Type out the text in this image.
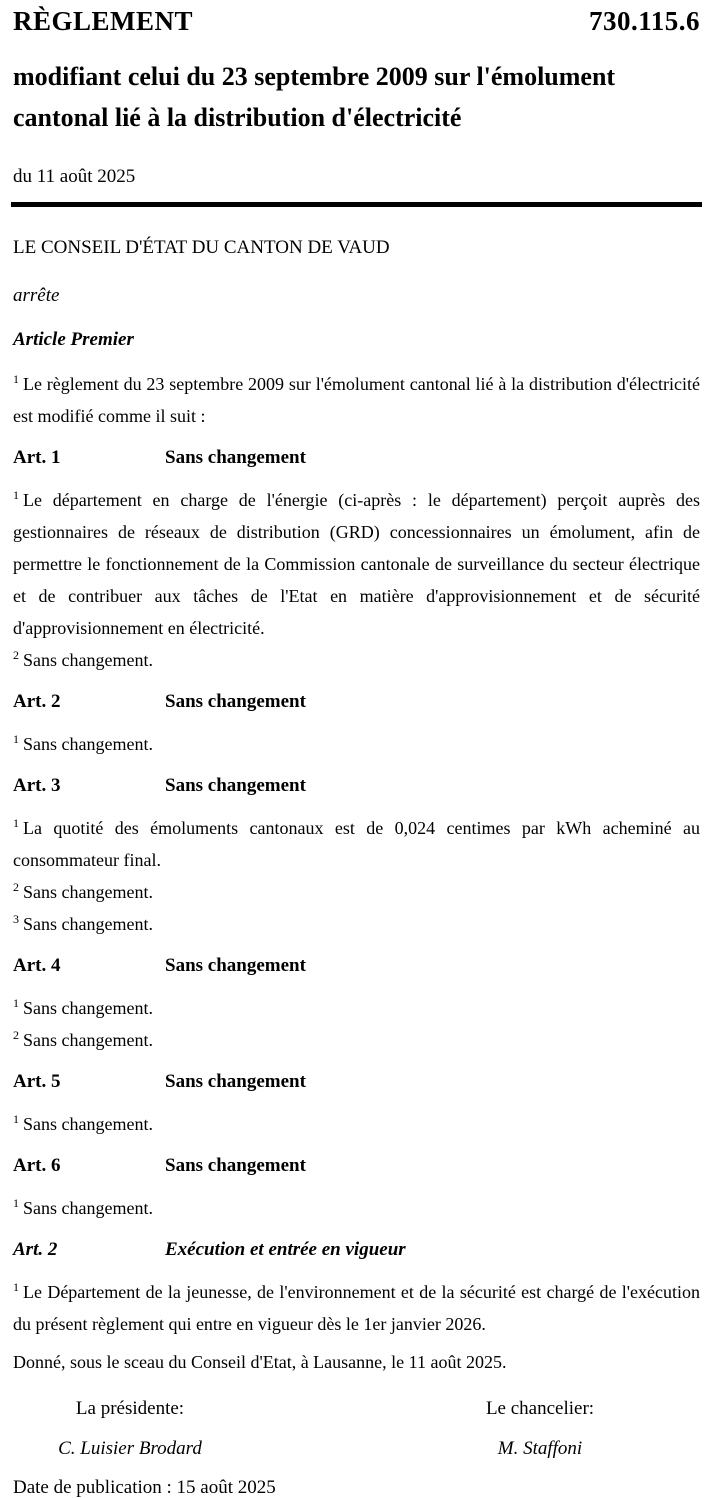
RÈGLEMENT	730.115.6
modifiant celui du 23 septembre 2009 sur l'émolument cantonal lié à la distribution d'électricité
du 11 août 2025
LE CONSEIL D'ÉTAT DU CANTON DE VAUD
arrête
Article Premier

$^1$ Le règlement du 23 septembre 2009 sur l'émolument cantonal lié à la distribution d'électricité est modifié comme il suit :

Art. 1	Sans changement

$^1$ Le département en charge de l'énergie (ci-après : le département) perçoit auprès des gestionnaires de réseaux de distribution (GRD) concessionnaires un émolument, afin de permettre le fonctionnement de la Commission cantonale de surveillance du secteur électrique et de contribuer aux tâches de l'Etat en matière d'approvisionnement et de sécurité d'approvisionnement en électricité.

$^2$ Sans changement.

Art. 2	Sans changement

$^1$ Sans changement.

Art. 3	Sans changement

$^1$ La quotité des émoluments cantonaux est de 0,024 centimes par kWh acheminé au consommateur final.

$^2$ Sans changement.

$^3$ Sans changement.

Art. 4	Sans changement

$^1$ Sans changement.

$^2$ Sans changement.

Art. 5	Sans changement

$^1$ Sans changement.

Art. 6	Sans changement

$^1$ Sans changement.

Art. 2	Exécution et entrée en vigueur

$^1$ Le Département de la jeunesse, de l'environnement et de la sécurité est chargé de l'exécution du présent règlement qui entre en vigueur dès le 1er janvier 2026.

Donné, sous le sceau du Conseil d'Etat, à Lausanne, le 11 août 2025.

La présidente:	Le chancelier:
C. Luisier Brodard	M. Staffoni

Date de publication : 15 août 2025
